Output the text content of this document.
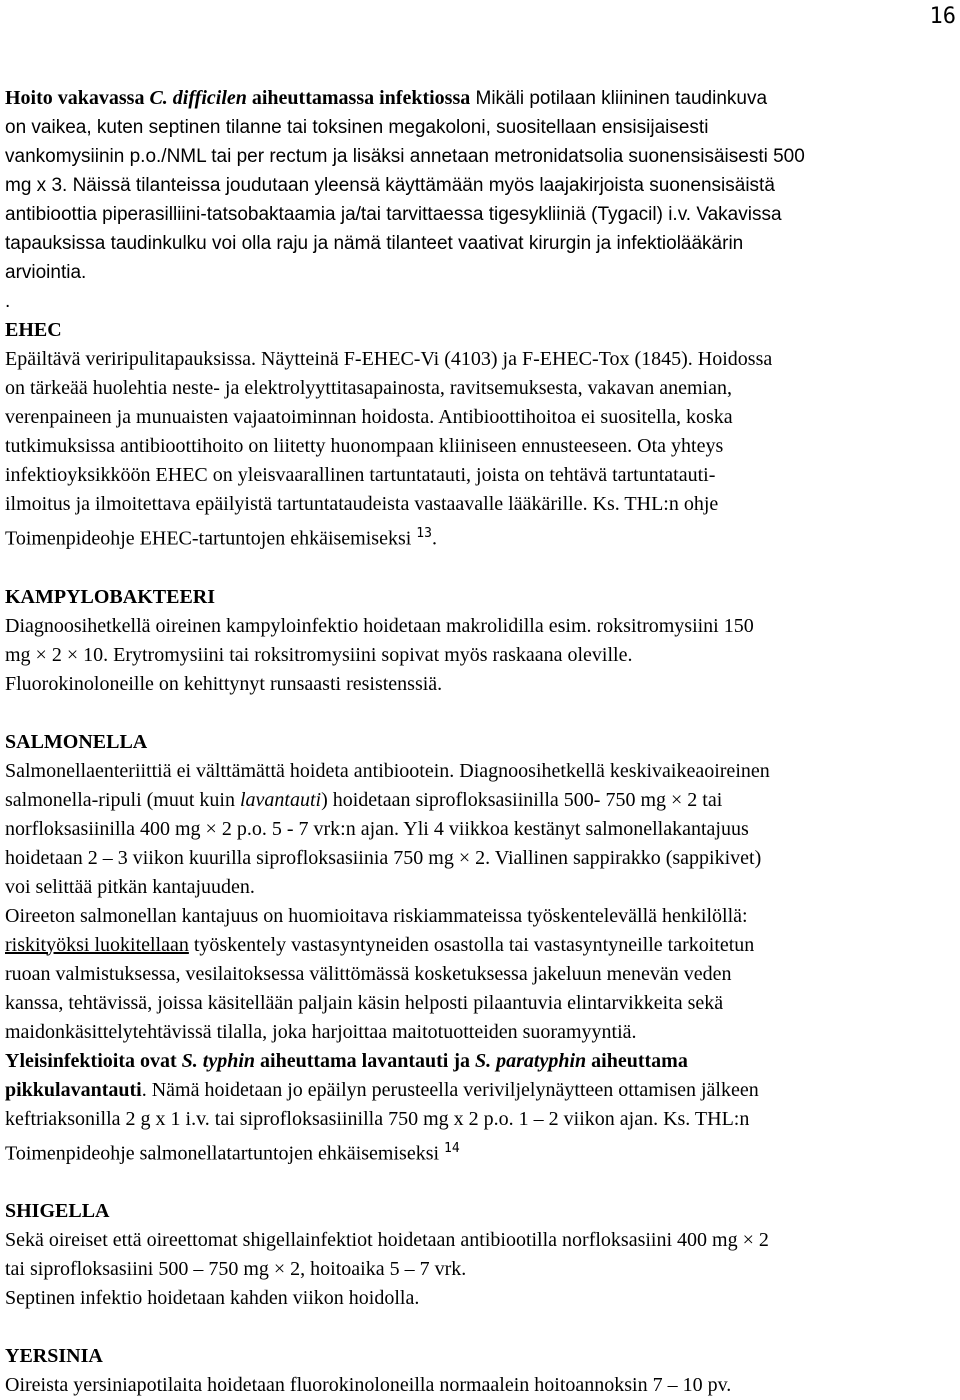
16

Hoito vakavassa C. difficilen aiheuttamassa infektiossa Mikäli potilaan kliininen taudinkuva
on vaikea, kuten septinen tilanne tai toksinen megakoloni, suositellaan ensisijaisesti
vankomysiinin p.o./NML tai per rectum ja lisäksi annetaan metronidatsolia suonensisäisesti 500
mg x 3. Näissä tilanteissa joudutaan yleensä käyttämään myös laajakirjoista suonensisäistä
antibioottia piperasilliini-tatsobaktaamia ja/tai tarvittaessa tigesykliiniä (Tygacil) i.v. Vakavissa
tapauksissa taudinkulku voi olla raju ja nämä tilanteet vaativat kirurgin ja infektiolääkärin
arviointia.
.

EHEC

Epäiltävä veriripulitapauksissa. Näytteinä F-EHEC-Vi (4103) ja F-EHEC-Tox (1845). Hoidossa
on tärkeää huolehtia neste- ja elektrolyyttitasapainosta, ravitsemuksesta, vakavan anemian,
verenpaineen ja munuaisten vajaatoiminnan hoidosta. Antibioottihoitoa ei suositella, koska
tutkimuksissa antibioottihoito on liitetty huonompaan kliiniseen ennusteeseen. Ota yhteys
infektioyksikköön EHEC on yleisvaarallinen tartuntatauti, joista on tehtävä tartuntatauti-
ilmoitus ja ilmoitettava epäilyistä tartuntataudeista vastaavalle lääkärille. Ks. THL:n ohje
Toimenpideohje EHEC-tartuntojen ehkäisemiseksi $^{13}$.

KAMPYLOBAKTEERI

Diagnoosihetkellä oireinen kampyloinfektio hoidetaan makrolidilla esim. roksitromysiini 150
mg × 2 × 10. Erytromysiini tai roksitromysiini sopivat myös raskaana oleville.
Fluorokinoloneille on kehittynyt runsaasti resistenssiä.

SALMONELLA

Salmonellaenteriittiä ei välttämättä hoideta antibiootein. Diagnoosihetkellä keskivaikeaoireinen
salmonella-ripuli (muut kuin lavantauti) hoidetaan siprofloksasiinilla 500- 750 mg × 2 tai
norfloksasiinilla 400 mg × 2 p.o. 5 - 7 vrk:n ajan. Yli 4 viikkoa kestänyt salmonellakantajuus
hoidetaan 2 – 3 viikon kuurilla siprofloksasiinia 750 mg × 2. Viallinen sappirakko (sappikivet)
voi selittää pitkän kantajuuden.

Oireeton salmonellan kantajuus on huomioitava riskiammateissa työskentelevällä henkilöllä:
riskityöksi luokitellaan työskentely vastasyntyneiden osastolla tai vastasyntyneille tarkoitetun
ruoan valmistuksessa, vesilaitoksessa välittömässä kosketuksessa jakeluun menevän veden
kanssa, tehtävissä, joissa käsitellään paljain käsin helposti pilaantuvia elintarvikkeita sekä
maidonkäsittelytehtävissä tilalla, joka harjoittaa maitotuotteiden suoramyyntiä.

Yleisinfektioita ovat S. typhin aiheuttama lavantauti ja S. paratyphin aiheuttama
pikkulavantauti. Nämä hoidetaan jo epäilyn perusteella veriviljelynäytteen ottamisen jälkeen
keftriaksonilla 2 g x 1 i.v. tai siprofloksasiinilla 750 mg x 2 p.o. 1 – 2 viikon ajan. Ks. THL:n
Toimenpideohje salmonellatartuntojen ehkäisemiseksi $^{14}$

SHIGELLA

Sekä oireiset että oireettomat shigellainfektiot hoidetaan antibiootilla norfloksasiini 400 mg × 2
tai siprofloksasiini 500 – 750 mg × 2, hoitoaika 5 – 7 vrk.
Septinen infektio hoidetaan kahden viikon hoidolla.

YERSINIA

Oireista yersiniapotilaita hoidetaan fluorokinoloneilla normaalein hoitoannoksin 7 – 10 pv.
